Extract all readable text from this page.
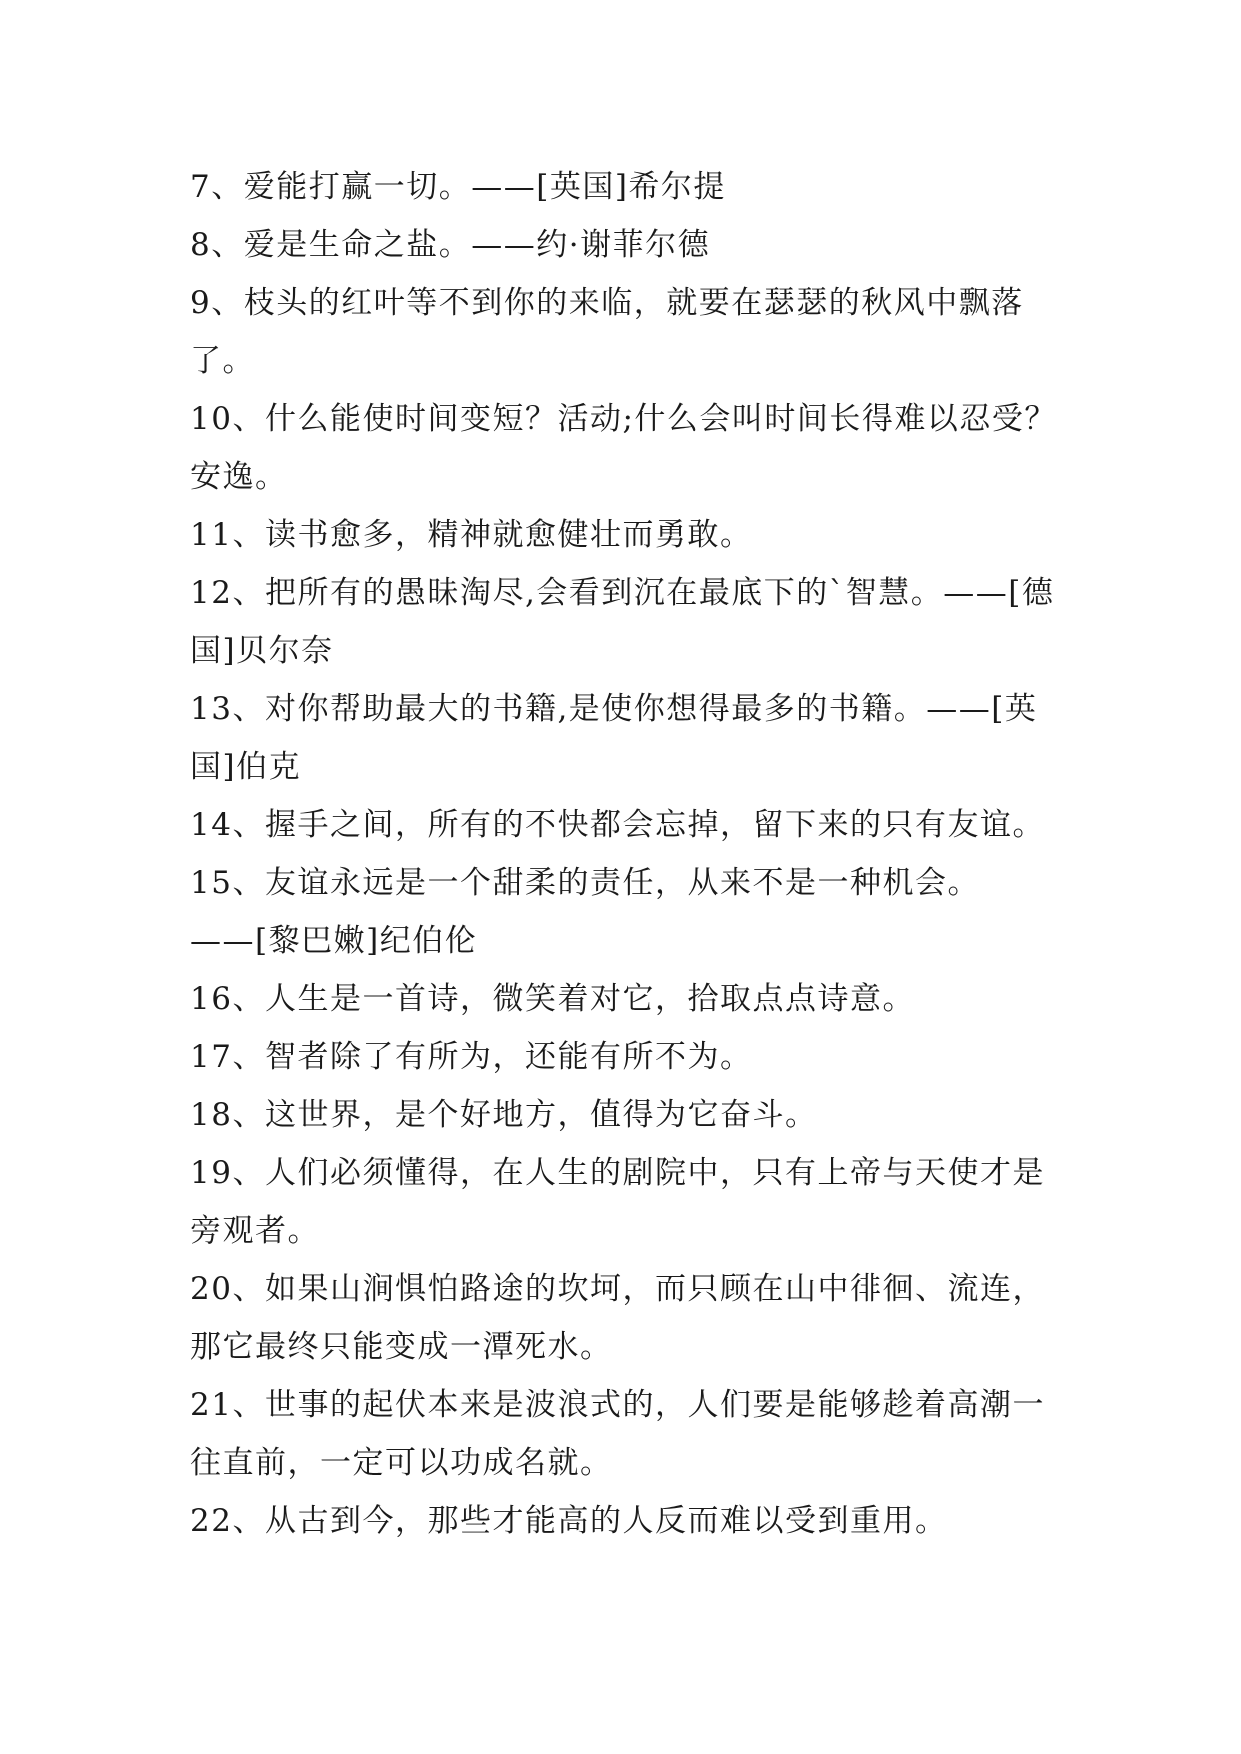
7、爱能打赢一切。——[英国]希尔提
8、爱是生命之盐。——约·谢菲尔德
9、枝头的红叶等不到你的来临，就要在瑟瑟的秋风中飘落
了。
10、什么能使时间变短？活动;什么会叫时间长得难以忍受？
安逸。
11、读书愈多，精神就愈健壮而勇敢。
12、把所有的愚昧淘尽,会看到沉在最底下的`智慧。——[德
国]贝尔奈
13、对你帮助最大的书籍,是使你想得最多的书籍。——[英
国]伯克
14、握手之间，所有的不快都会忘掉，留下来的只有友谊。
15、友谊永远是一个甜柔的责任，从来不是一种机会。
——[黎巴嫩]纪伯伦
16、人生是一首诗，微笑着对它，拾取点点诗意。
17、智者除了有所为，还能有所不为。
18、这世界，是个好地方，值得为它奋斗。
19、人们必须懂得，在人生的剧院中，只有上帝与天使才是
旁观者。
20、如果山涧惧怕路途的坎坷，而只顾在山中徘徊、流连，
那它最终只能变成一潭死水。
21、世事的起伏本来是波浪式的，人们要是能够趁着高潮一
往直前，一定可以功成名就。
22、从古到今，那些才能高的人反而难以受到重用。
